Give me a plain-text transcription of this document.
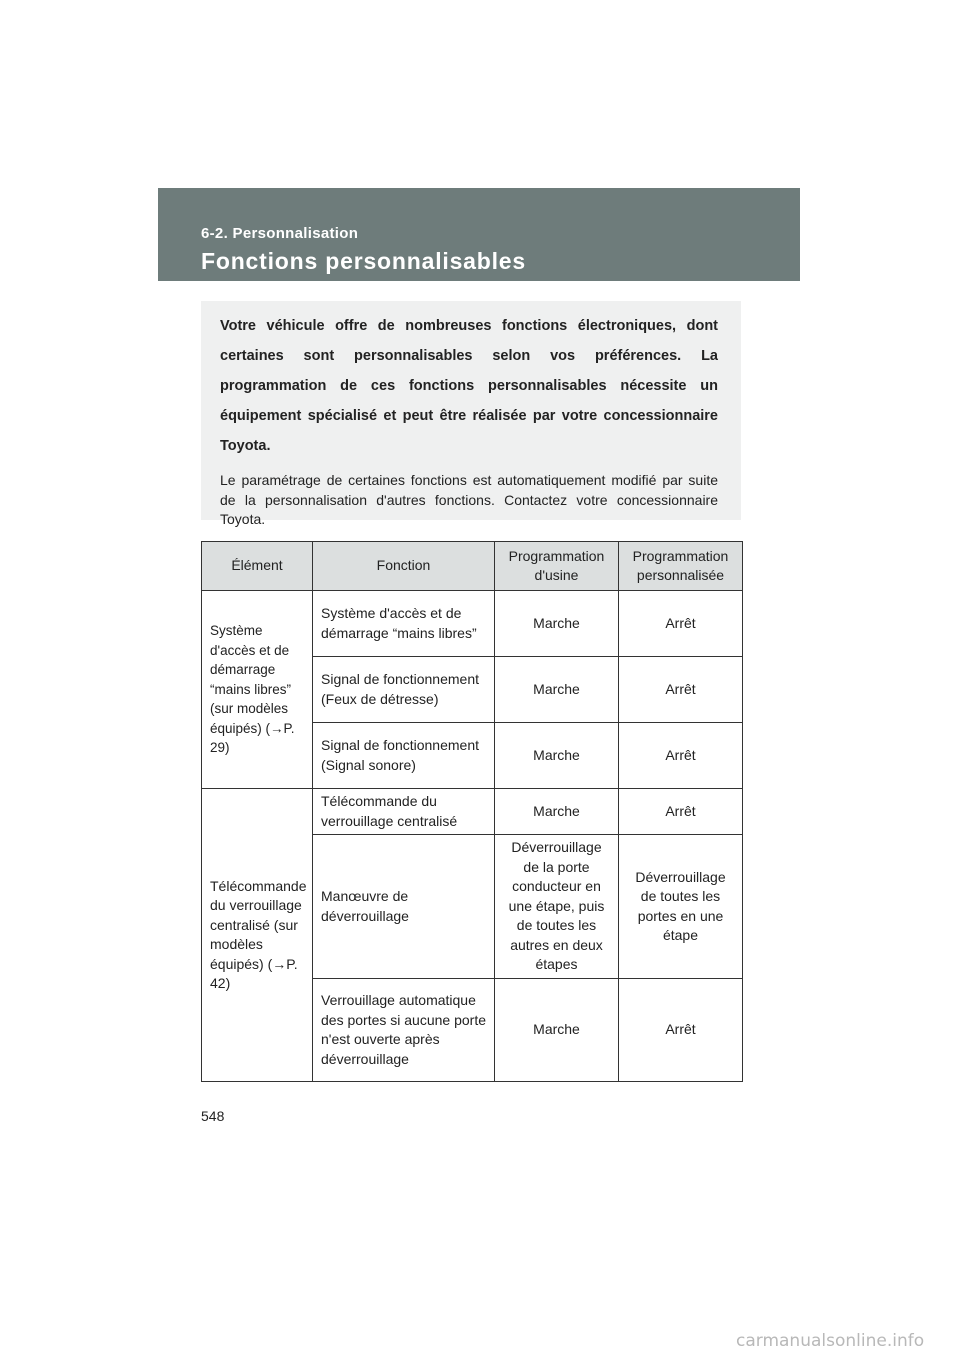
6-2. Personnalisation
Fonctions personnalisables

Votre véhicule offre de nombreuses fonctions électroniques, dont certaines sont personnalisables selon vos préférences. La programmation de ces fonctions personnalisables nécessite un équipement spécialisé et peut être réalisée par votre concessionnaire Toyota.

Le paramétrage de certaines fonctions est automatiquement modifié par suite de la personnalisation d'autres fonctions. Contactez votre concessionnaire Toyota.

Élément	Fonction	Programmation d'usine	Programmation personnalisée
Système d'accès et de démarrage “mains libres” (sur modèles équipés) (→P. 29)	Système d'accès et de démarrage “mains libres”	Marche	Arrêt
	Signal de fonctionnement (Feux de détresse)	Marche	Arrêt
	Signal de fonctionnement (Signal sonore)	Marche	Arrêt
Télécommande du verrouillage centralisé (sur modèles équipés) (→P. 42)	Télécommande du verrouillage centralisé	Marche	Arrêt
	Manœuvre de déverrouillage	Déverrouillage de la porte conducteur en une étape, puis de toutes les autres en deux étapes	Déverrouillage de toutes les portes en une étape
	Verrouillage automatique des portes si aucune porte n'est ouverte après déverrouillage	Marche	Arrêt
548
carmanualsonline.info
